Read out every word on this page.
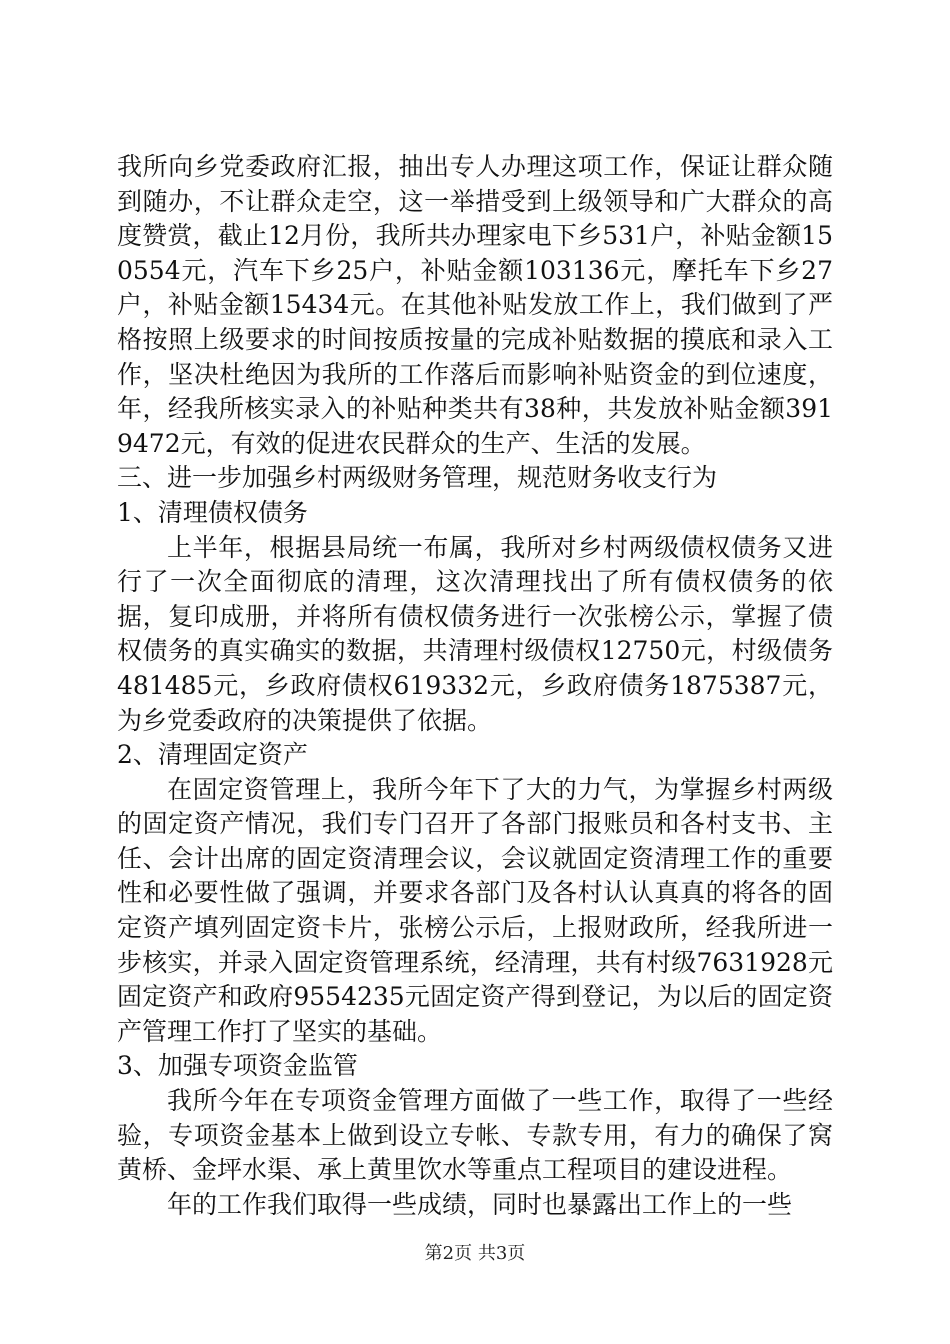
我所向乡党委政府汇报，抽出专人办理这项工作，保证让群众随到随办，不让群众走空，这一举措受到上级领导和广大群众的高度赞赏，截止12月份，我所共办理家电下乡531户，补贴金额150554元，汽车下乡25户，补贴金额103136元，摩托车下乡27户，补贴金额15434元。在其他补贴发放工作上，我们做到了严格按照上级要求的时间按质按量的完成补贴数据的摸底和录入工作，坚决杜绝因为我所的工作落后而影响补贴资金的到位速度，年，经我所核实录入的补贴种类共有38种，共发放补贴金额3919472元，有效的促进农民群众的生产、生活的发展。

三、进一步加强乡村两级财务管理，规范财务收支行为

1、清理债权债务

上半年，根据县局统一布属，我所对乡村两级债权债务又进行了一次全面彻底的清理，这次清理找出了所有债权债务的依据，复印成册，并将所有债权债务进行一次张榜公示，掌握了债权债务的真实确实的数据，共清理村级债权12750元，村级债务481485元，乡政府债权619332元，乡政府债务1875387元，为乡党委政府的决策提供了依据。

2、清理固定资产

在固定资管理上，我所今年下了大的力气，为掌握乡村两级的固定资产情况，我们专门召开了各部门报账员和各村支书、主任、会计出席的固定资清理会议，会议就固定资清理工作的重要性和必要性做了强调，并要求各部门及各村认认真真的将各的固定资产填列固定资卡片，张榜公示后，上报财政所，经我所进一步核实，并录入固定资管理系统，经清理，共有村级7631928元固定资产和政府9554235元固定资产得到登记，为以后的固定资产管理工作打了坚实的基础。

3、加强专项资金监管

我所今年在专项资金管理方面做了一些工作，取得了一些经验，专项资金基本上做到设立专帐、专款专用，有力的确保了窝黄桥、金坪水渠、承上黄里饮水等重点工程项目的建设进程。

年的工作我们取得一些成绩，同时也暴露出工作上的一些

第2页 共3页
